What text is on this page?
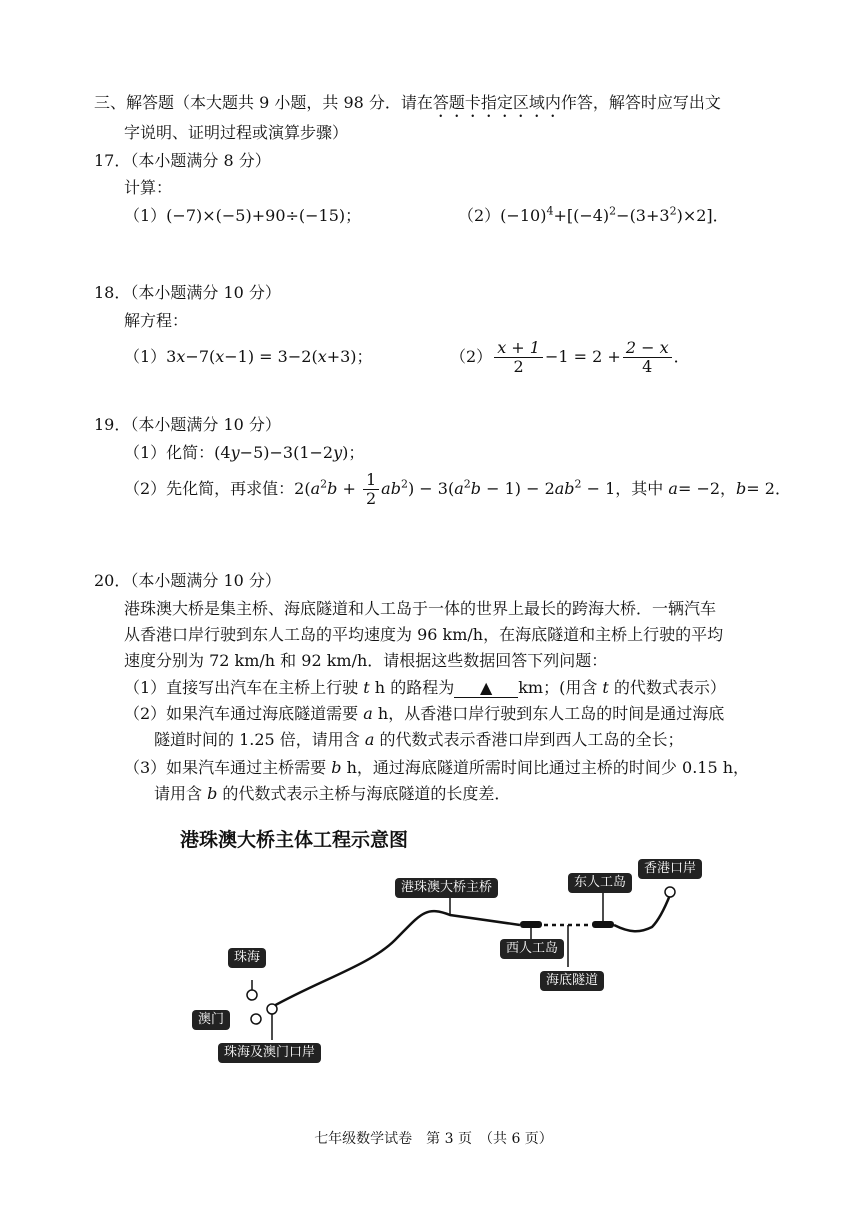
三、解答题（本大题共 9 小题，共 98 分．请在答题卡指定区域内作答，解答时应写出文
字说明、证明过程或演算步骤）
17．（本小题满分 8 分）
计算：
（1）(−7)×(−5)+90÷(−15)；	$(2)(-10)^4+[(-4)^2-(3+3^2)\times 2]$．
18．（本小题满分 10 分）
解方程：
（1）3x−7(x−1) = 3−2(x+3)；	$(2) \frac{x + 1}{2} -1 = 2 + \frac{2 - x}{4}$ ．
19．（本小题满分 10 分）
（1）化简：(4y−5)−3(1−2y)；
（2）先化简，再求值：$2(a^2b + \frac{1}{2} ab^2) - 3(a^2b - 1) - 2ab^2 - 1$，其中 a= −2，b= 2．
20．（本小题满分 10 分）
港珠澳大桥是集主桥、海底隧道和人工岛于一体的世界上最长的跨海大桥．一辆汽车
从香港口岸行驶到东人工岛的平均速度为 96 km/h，在海底隧道和主桥上行驶的平均
速度分别为 72 km/h 和 92 km/h．请根据这些数据回答下列问题：
（1）直接写出汽车在主桥上行驶 t h 的路程为 ▲ km；(用含 t 的代数式表示）
（2）如果汽车通过海底隧道需要 a h，从香港口岸行驶到东人工岛的时间是通过海底
隧道时间的 1.25 倍，请用含 a 的代数式表示香港口岸到西人工岛的全长；
（3）如果汽车通过主桥需要 b h，通过海底隧道所需时间比通过主桥的时间少 0.15 h，
请用含 b 的代数式表示主桥与海底隧道的长度差．
港珠澳大桥主体工程示意图
香港口岸
东人工岛
港珠澳大桥主桥
西人工岛
海底隧道
珠海
澳门
珠海及澳门口岸
七年级数学试卷　第 3 页　（共 6 页）
